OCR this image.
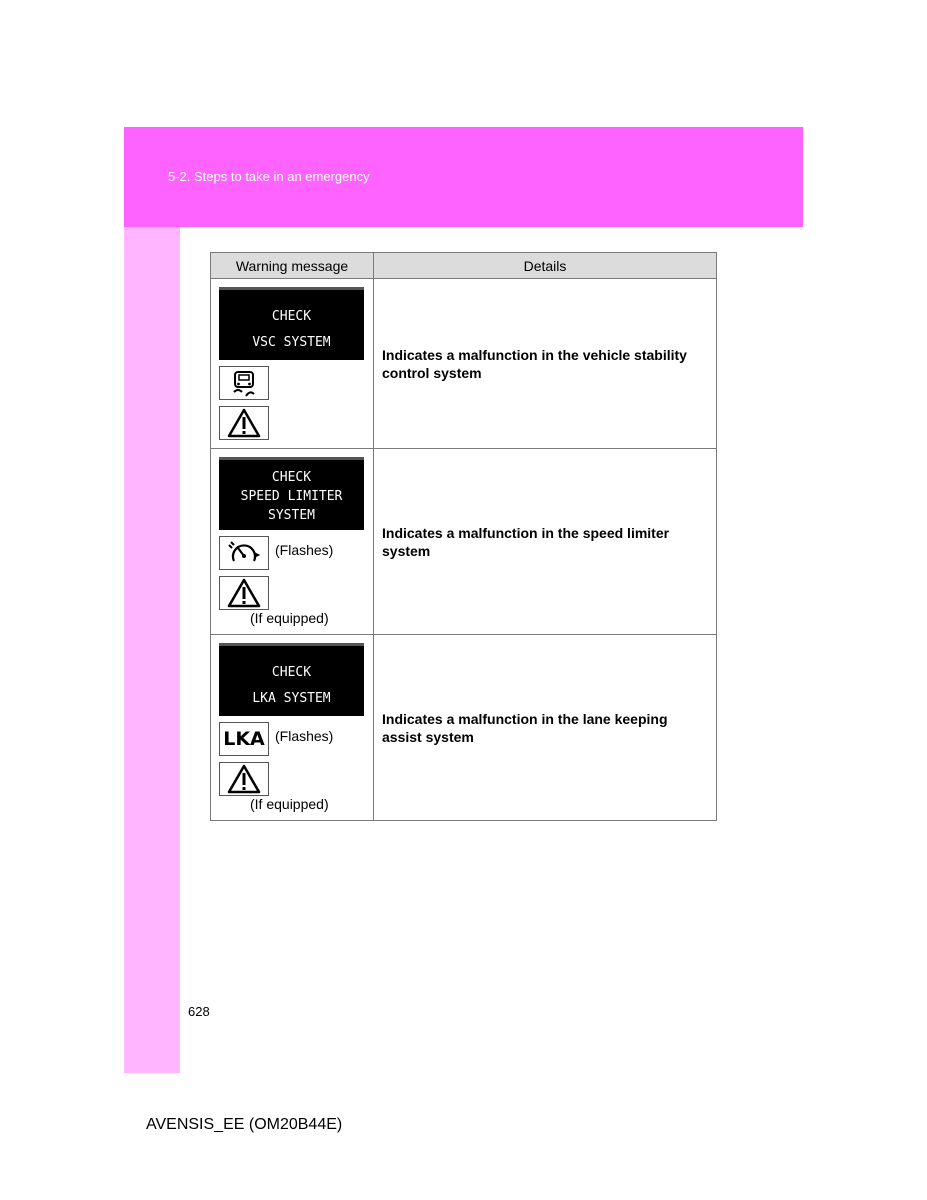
5-2. Steps to take in an emergency
Warning message	Details

CHECK
VSC SYSTEM	Indicates a malfunction in the vehicle stability control system

CHECK
SPEED LIMITER
SYSTEM
(Flashes)
(If equipped)	Indicates a malfunction in the speed limiter system

CHECK
LKA SYSTEM
LKA (Flashes)
(If equipped)	Indicates a malfunction in the lane keeping assist system
628
AVENSIS_EE (OM20B44E)
